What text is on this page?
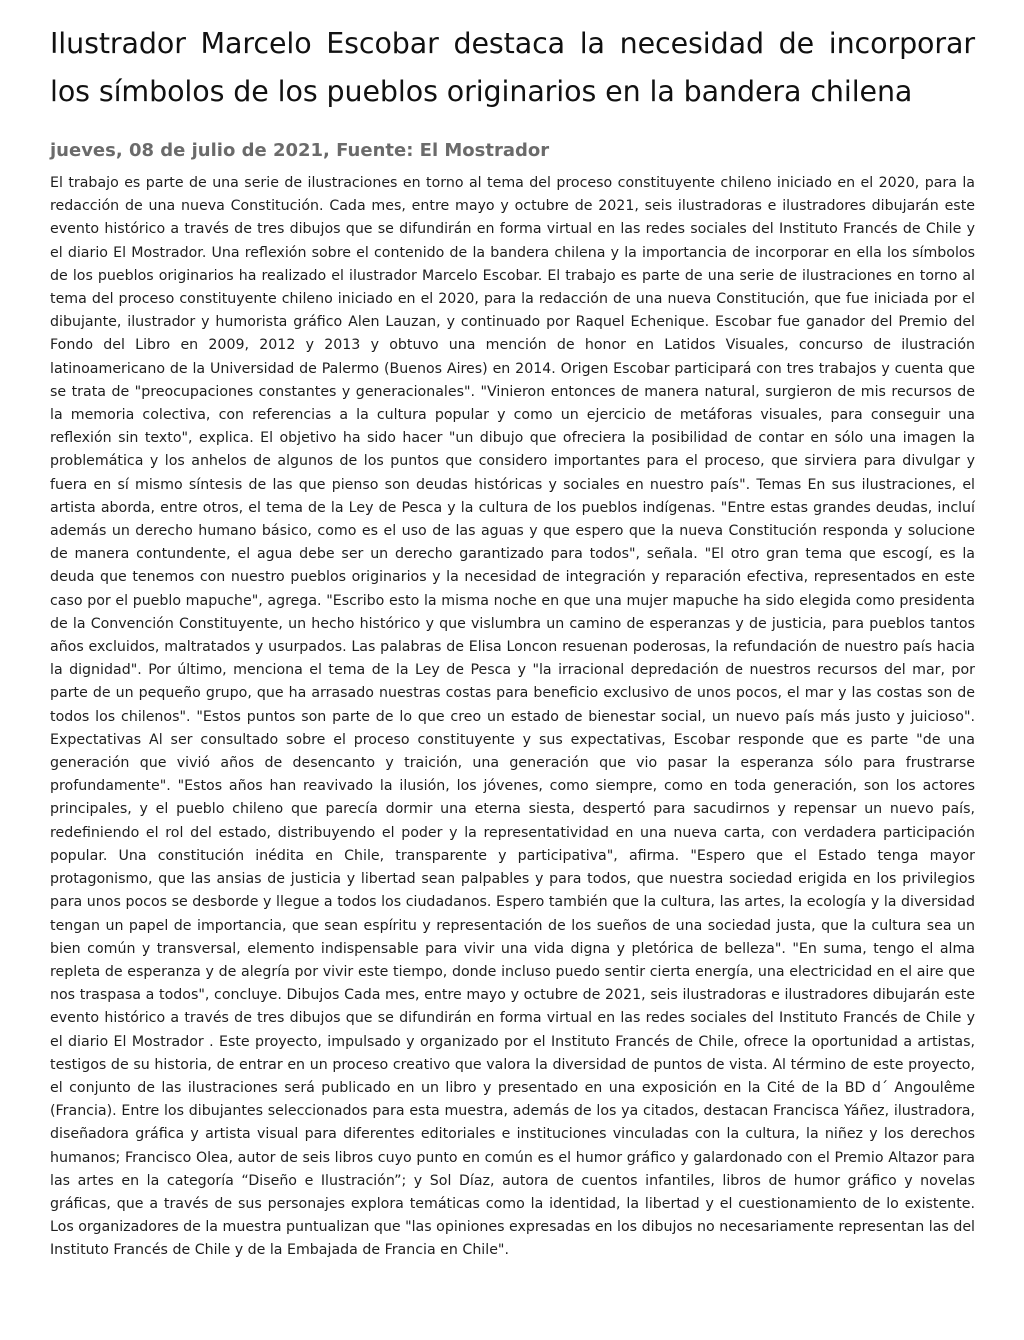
Ilustrador Marcelo Escobar destaca la necesidad de incorporar los símbolos de los pueblos originarios en la bandera chilena
jueves, 08 de julio de 2021, Fuente: El Mostrador

El trabajo es parte de una serie de ilustraciones en torno al tema del proceso constituyente chileno iniciado en el 2020, para la redacción de una nueva Constitución. Cada mes, entre mayo y octubre de 2021, seis ilustradoras e ilustradores dibujarán este evento histórico a través de tres dibujos que se difundirán en forma virtual en las redes sociales del Instituto Francés de Chile y el diario El Mostrador. Una reflexión sobre el contenido de la bandera chilena y la importancia de incorporar en ella los símbolos de los pueblos originarios ha realizado el ilustrador Marcelo Escobar. El trabajo es parte de una serie de ilustraciones en torno al tema del proceso constituyente chileno iniciado en el 2020, para la redacción de una nueva Constitución, que fue iniciada por el dibujante, ilustrador y humorista gráfico Alen Lauzan, y continuado por Raquel Echenique. Escobar fue ganador del Premio del Fondo del Libro en 2009, 2012 y 2013 y obtuvo una mención de honor en Latidos Visuales, concurso de ilustración latinoamericano de la Universidad de Palermo (Buenos Aires) en 2014. Origen Escobar participará con tres trabajos y cuenta que se trata de "preocupaciones constantes y generacionales". "Vinieron entonces de manera natural, surgieron de mis recursos de la memoria colectiva, con referencias a la cultura popular y como un ejercicio de metáforas visuales, para conseguir una reflexión sin texto", explica. El objetivo ha sido hacer "un dibujo que ofreciera la posibilidad de contar en sólo una imagen la problemática y los anhelos de algunos de los puntos que considero importantes para el proceso, que sirviera para divulgar y fuera en sí mismo síntesis de las que pienso son deudas históricas y sociales en nuestro país". Temas En sus ilustraciones, el artista aborda, entre otros, el tema de la Ley de Pesca y la cultura de los pueblos indígenas. "Entre estas grandes deudas, incluí además un derecho humano básico, como es el uso de las aguas y que espero que la nueva Constitución responda y solucione de manera contundente, el agua debe ser un derecho garantizado para todos", señala. "El otro gran tema que escogí, es la deuda que tenemos con nuestro pueblos originarios y la necesidad de integración y reparación efectiva, representados en este caso por el pueblo mapuche", agrega. "Escribo esto la misma noche en que una mujer mapuche ha sido elegida como presidenta de la Convención Constituyente, un hecho histórico y que vislumbra un camino de esperanzas y de justicia, para pueblos tantos años excluidos, maltratados y usurpados. Las palabras de Elisa Loncon resuenan poderosas, la refundación de nuestro país hacia la dignidad". Por último, menciona el tema de la Ley de Pesca y "la irracional depredación de nuestros recursos del mar, por parte de un pequeño grupo, que ha arrasado nuestras costas para beneficio exclusivo de unos pocos, el mar y las costas son de todos los chilenos". "Estos puntos son parte de lo que creo un estado de bienestar social, un nuevo país más justo y juicioso". Expectativas Al ser consultado sobre el proceso constituyente y sus expectativas, Escobar responde que es parte "de una generación que vivió años de desencanto y traición, una generación que vio pasar la esperanza sólo para frustrarse profundamente". "Estos años han reavivado la ilusión, los jóvenes, como siempre, como en toda generación, son los actores principales, y el pueblo chileno que parecía dormir una eterna siesta, despertó para sacudirnos y repensar un nuevo país, redefiniendo el rol del estado, distribuyendo el poder y la representatividad en una nueva carta, con verdadera participación popular. Una constitución inédita en Chile, transparente y participativa", afirma. "Espero que el Estado tenga mayor protagonismo, que las ansias de justicia y libertad sean palpables y para todos, que nuestra sociedad erigida en los privilegios para unos pocos se desborde y llegue a todos los ciudadanos. Espero también que la cultura, las artes, la ecología y la diversidad tengan un papel de importancia, que sean espíritu y representación de los sueños de una sociedad justa, que la cultura sea un bien común y transversal, elemento indispensable para vivir una vida digna y pletórica de belleza". "En suma, tengo el alma repleta de esperanza y de alegría por vivir este tiempo, donde incluso puedo sentir cierta energía, una electricidad en el aire que nos traspasa a todos", concluye. Dibujos Cada mes, entre mayo y octubre de 2021, seis ilustradoras e ilustradores dibujarán este evento histórico a través de tres dibujos que se difundirán en forma virtual en las redes sociales del Instituto Francés de Chile y el diario El Mostrador . Este proyecto, impulsado y organizado por el Instituto Francés de Chile, ofrece la oportunidad a artistas, testigos de su historia, de entrar en un proceso creativo que valora la diversidad de puntos de vista. Al término de este proyecto, el conjunto de las ilustraciones será publicado en un libro y presentado en una exposición en la Cité de la BD d´ Angoulême (Francia). Entre los dibujantes seleccionados para esta muestra, además de los ya citados, destacan Francisca Yáñez, ilustradora, diseñadora gráfica y artista visual para diferentes editoriales e instituciones vinculadas con la cultura, la niñez y los derechos humanos; Francisco Olea, autor de seis libros cuyo punto en común es el humor gráfico y galardonado con el Premio Altazor para las artes en la categoría “Diseño e Ilustración”; y Sol Díaz, autora de cuentos infantiles, libros de humor gráfico y novelas gráficas, que a través de sus personajes explora temáticas como la identidad, la libertad y el cuestionamiento de lo existente. Los organizadores de la muestra puntualizan que "las opiniones expresadas en los dibujos no necesariamente representan las del Instituto Francés de Chile y de la Embajada de Francia en Chile".
